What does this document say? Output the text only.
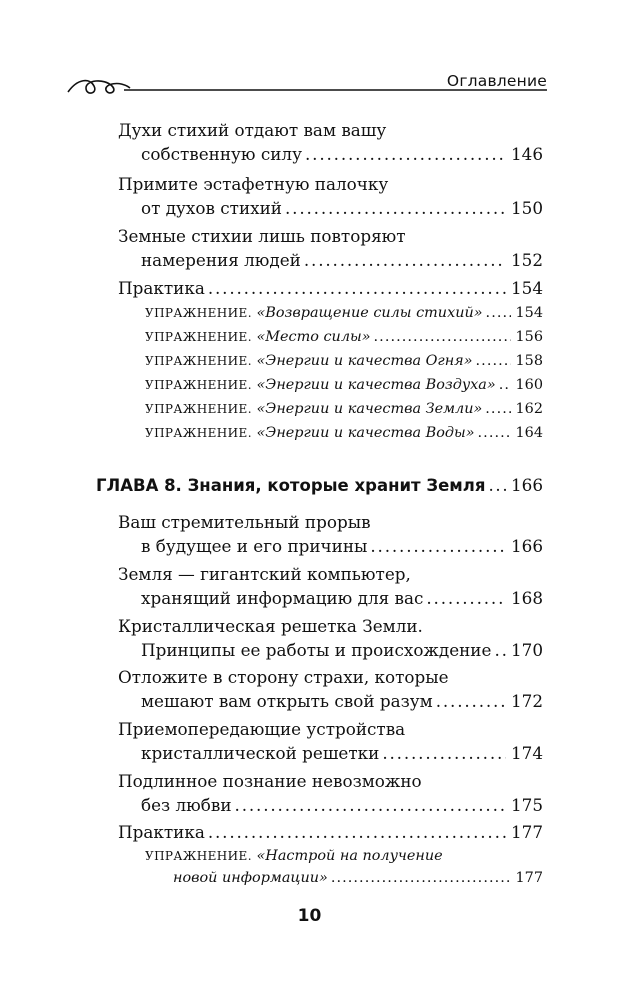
Оглавление
Духи стихий отдают вам вашу
собственную силу . . .	146
Примите эстафетную палочку
от духов стихий . . .	150
Земные стихии лишь повторяют
намерения людей . . .	152
Практика . . .	154
УПРАЖНЕНИЕ. «Возвращение силы стихий» . . . 154
УПРАЖНЕНИЕ. «Место силы» . . .	156
УПРАЖНЕНИЕ. «Энергии и качества Огня» . . .	158
УПРАЖНЕНИЕ. «Энергии и качества Воздуха» . . . 160
УПРАЖНЕНИЕ. «Энергии и качества Земли» . . . 162
УПРАЖНЕНИЕ. «Энергии и качества Воды» . . .	164
ГЛАВА 8. Знания, которые хранит Земля . . . 166
Ваш стремительный прорыв
в будущее и его причины . . .	166
Земля — гигантский компьютер,
хранящий информацию для вас . . .	168
Кристаллическая решетка Земли.
Принципы ее работы и происхождение . . . 170
Отложите в сторону страхи, которые
мешают вам открыть свой разум . . .	172
Приемопередающие устройства
кристаллической решетки . . .	174
Подлинное познание невозможно
без любви . . .	175
Практика . . .	177
УПРАЖНЕНИЕ. «Настрой на получение
новой информации» . . .	177
10
